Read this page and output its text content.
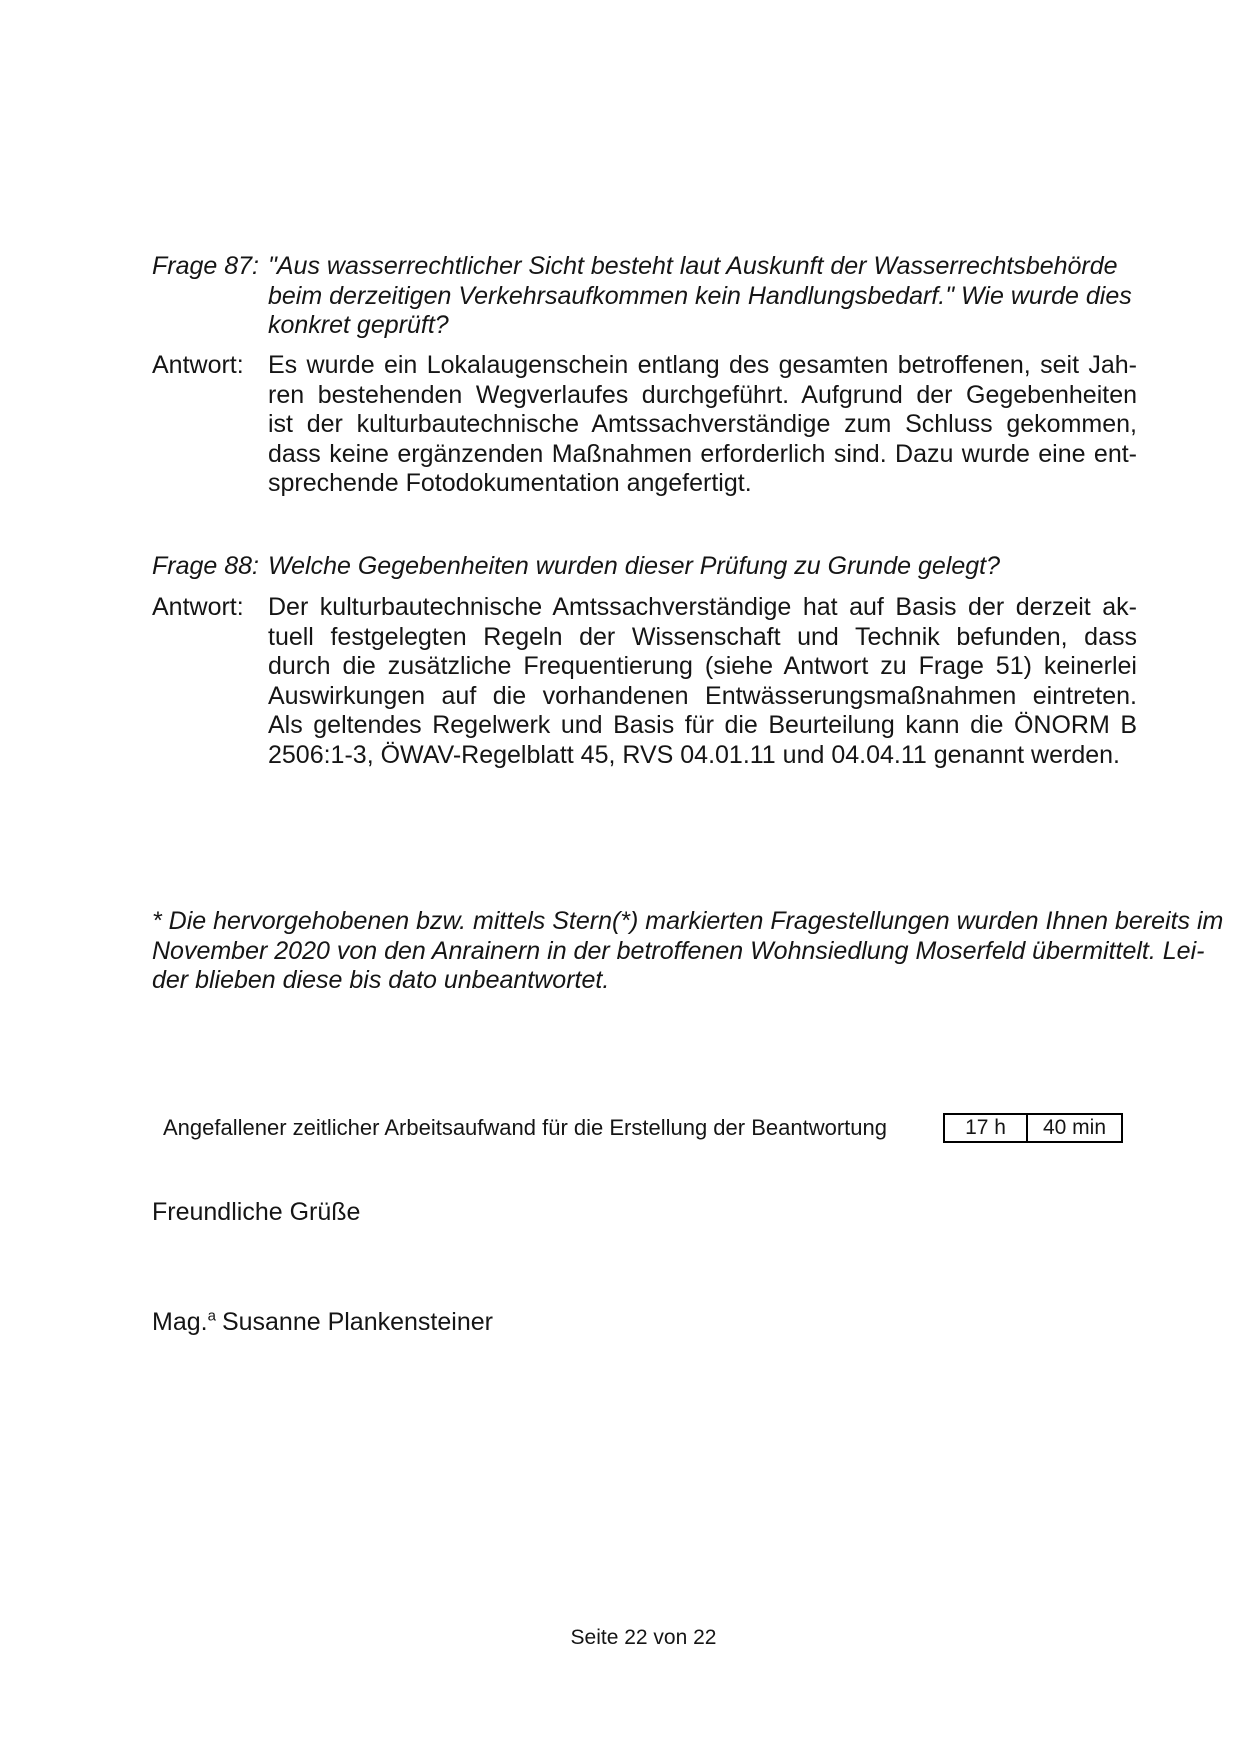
Frage 87: "Aus wasserrechtlicher Sicht besteht laut Auskunft der Wasserrechtsbehörde
beim derzeitigen Verkehrsaufkommen kein Handlungsbedarf." Wie wurde dies
konkret geprüft?
Antwort: Es wurde ein Lokalaugenschein entlang des gesamten betroffenen, seit Jah-
ren bestehenden Wegverlaufes durchgeführt. Aufgrund der Gegebenheiten
ist der kulturbautechnische Amtssachverständige zum Schluss gekommen,
dass keine ergänzenden Maßnahmen erforderlich sind. Dazu wurde eine ent-
sprechende Fotodokumentation angefertigt.
Frage 88: Welche Gegebenheiten wurden dieser Prüfung zu Grunde gelegt?
Antwort: Der kulturbautechnische Amtssachverständige hat auf Basis der derzeit ak-
tuell festgelegten Regeln der Wissenschaft und Technik befunden, dass
durch die zusätzliche Frequentierung (siehe Antwort zu Frage 51) keinerlei
Auswirkungen auf die vorhandenen Entwässerungsmaßnahmen eintreten.
Als geltendes Regelwerk und Basis für die Beurteilung kann die ÖNORM B
2506:1-3, ÖWAV-Regelblatt 45, RVS 04.01.11 und 04.04.11 genannt werden.
* Die hervorgehobenen bzw. mittels Stern(*) markierten Fragestellungen wurden Ihnen bereits im
November 2020 von den Anrainern in der betroffenen Wohnsiedlung Moserfeld übermittelt. Lei-
der blieben diese bis dato unbeantwortet.
Angefallener zeitlicher Arbeitsaufwand für die Erstellung der Beantwortung	17 h	40 min
Freundliche Grüße
Mag.$^a$ Susanne Plankensteiner
Seite 22 von 22
